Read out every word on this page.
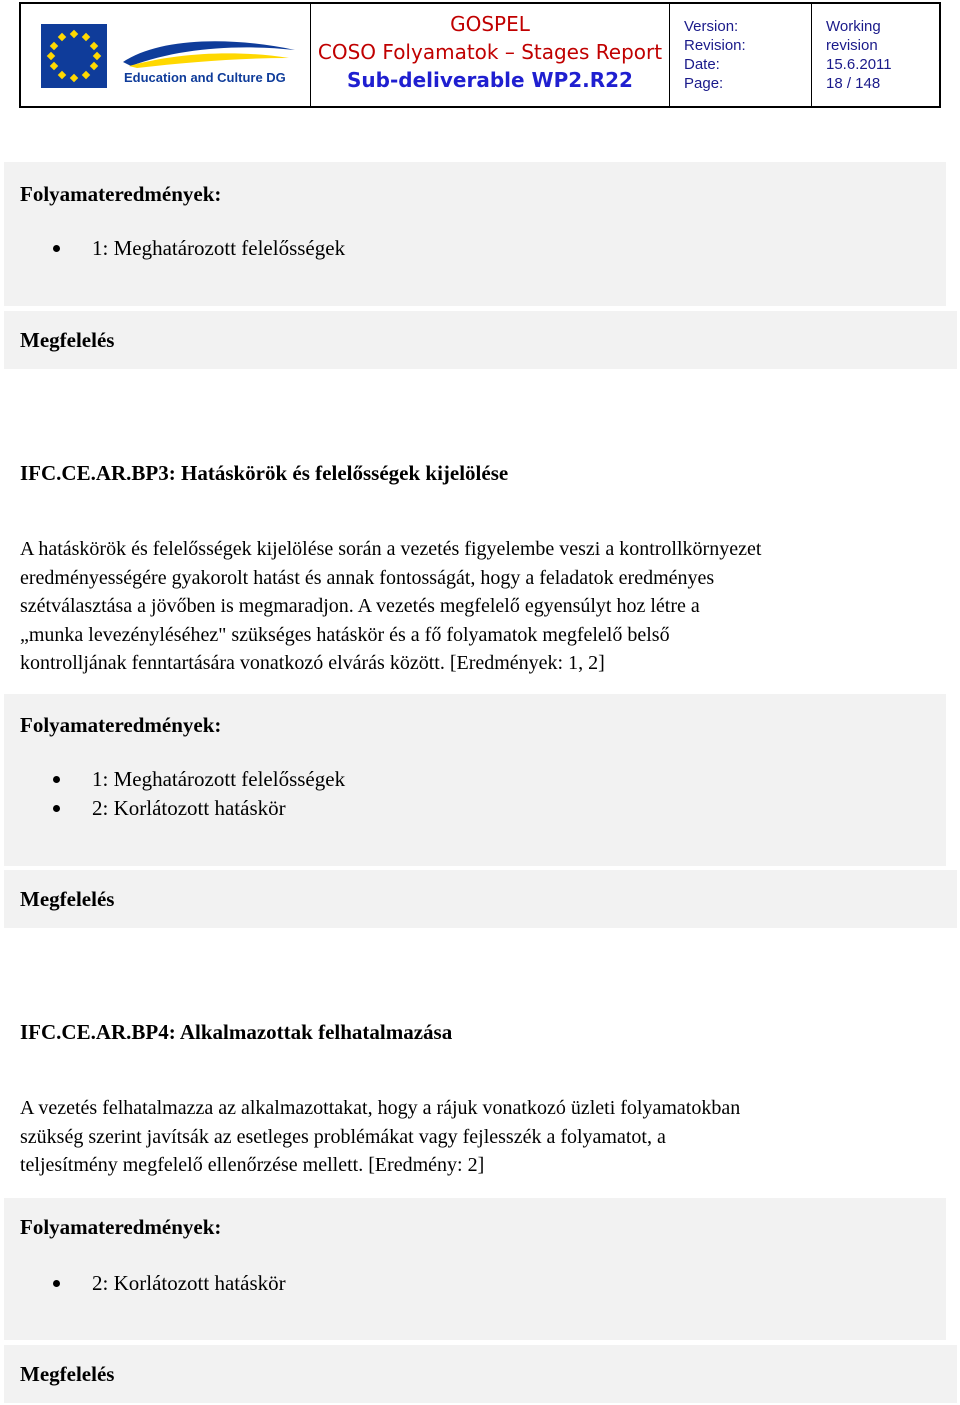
Education and Culture DG
GOSPEL
COSO Folyamatok – Stages Report
Sub-deliverable WP2.R22
Version:
Revision:
Date:
Page:
Working
revision
15.6.2011
18 / 148
Folyamateredmények:
1: Meghatározott felelősségek
Megfelelés
IFC.CE.AR.BP3: Hatáskörök és felelősségek kijelölése
A hatáskörök és felelősségek kijelölése során a vezetés figyelembe veszi a kontrollkörnyezet
eredményességére gyakorolt hatást és annak fontosságát, hogy a feladatok eredményes
szétválasztása a jövőben is megmaradjon. A vezetés megfelelő egyensúlyt hoz létre a
„munka levezényléséhez" szükséges hatáskör és a fő folyamatok megfelelő belső
kontrolljának fenntartására vonatkozó elvárás között. [Eredmények: 1, 2]
Folyamateredmények:
1: Meghatározott felelősségek
2: Korlátozott hatáskör
Megfelelés
IFC.CE.AR.BP4: Alkalmazottak felhatalmazása
A vezetés felhatalmazza az alkalmazottakat, hogy a rájuk vonatkozó üzleti folyamatokban
szükség szerint javítsák az esetleges problémákat vagy fejlesszék a folyamatot, a
teljesítmény megfelelő ellenőrzése mellett. [Eredmény: 2]
Folyamateredmények:
2: Korlátozott hatáskör
Megfelelés
